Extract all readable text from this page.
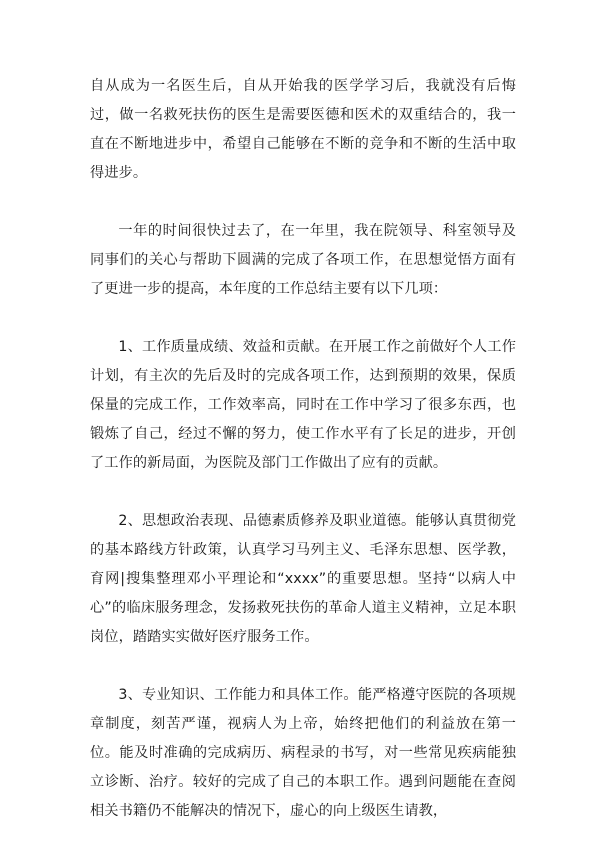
自从成为一名医生后，自从开始我的医学学习后，我就没有后悔过，做一名救死扶伤的医生是需要医德和医术的双重结合的，我一直在不断地进步中，希望自己能够在不断的竞争和不断的生活中取得进步。

一年的时间很快过去了，在一年里，我在院领导、科室领导及同事们的关心与帮助下圆满的完成了各项工作，在思想觉悟方面有了更进一步的提高，本年度的工作总结主要有以下几项：

1、工作质量成绩、效益和贡献。在开展工作之前做好个人工作计划，有主次的先后及时的完成各项工作，达到预期的效果，保质保量的完成工作，工作效率高，同时在工作中学习了很多东西，也锻炼了自己，经过不懈的努力，使工作水平有了长足的进步，开创了工作的新局面，为医院及部门工作做出了应有的贡献。

2、思想政治表现、品德素质修养及职业道德。能够认真贯彻党的基本路线方针政策，认真学习马列主义、毛泽东思想、医学教，育网|搜集整理邓小平理论和“xxxx”的重要思想。坚持“以病人中心”的临床服务理念，发扬救死扶伤的革命人道主义精神，立足本职岗位，踏踏实实做好医疗服务工作。

3、专业知识、工作能力和具体工作。能严格遵守医院的各项规章制度，刻苦严谨，视病人为上帝，始终把他们的利益放在第一位。能及时准确的完成病历、病程录的书写，对一些常见疾病能独立诊断、治疗。较好的完成了自己的本职工作。遇到问题能在查阅相关书籍仍不能解决的情况下，虚心的向上级医生请教，
